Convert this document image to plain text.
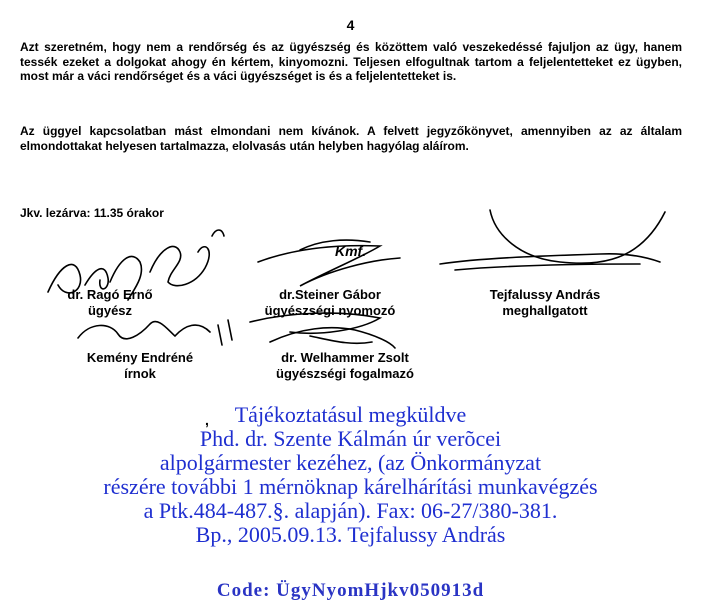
4
Azt szeretném, hogy nem a rendőrség és az ügyészség és közöttem való veszekedéssé fajuljon az ügy, hanem tessék ezeket a dolgokat ahogy én kértem, kinyomozni. Teljesen elfogultnak tartom a feljelentetteket ez ügyben, most már a váci rendőrséget és a váci ügyészséget is és a feljelentetteket is.
Az üggyel kapcsolatban mást elmondani nem kívánok. A felvett jegyzőkönyvet, amennyiben az az általam elmondottakat helyesen tartalmazza, elolvasás után helyben hagyólag aláírom.
Jkv. lezárva: 11.35 órakor
Kmf.
dr. Ragó Ernő
ügyész
dr.Steiner Gábor
ügyészségi nyomozó
Tejfalussy András
meghallgatott
Kemény Endréné
írnok
dr. Welhammer Zsolt
ügyészségi fogalmazó
,	Tájékoztatásul megküldve
Phd. dr. Szente Kálmán úr verõcei
alpolgármester kezéhez, (az Önkormányzat
részére további 1 mérnöknap kárelhárítási munkavégzés
a Ptk.484-487.§. alapján). Fax: 06-27/380-381.
Bp., 2005.09.13. Tejfalussy András
Code: ÜgyNyomHjkv050913d
